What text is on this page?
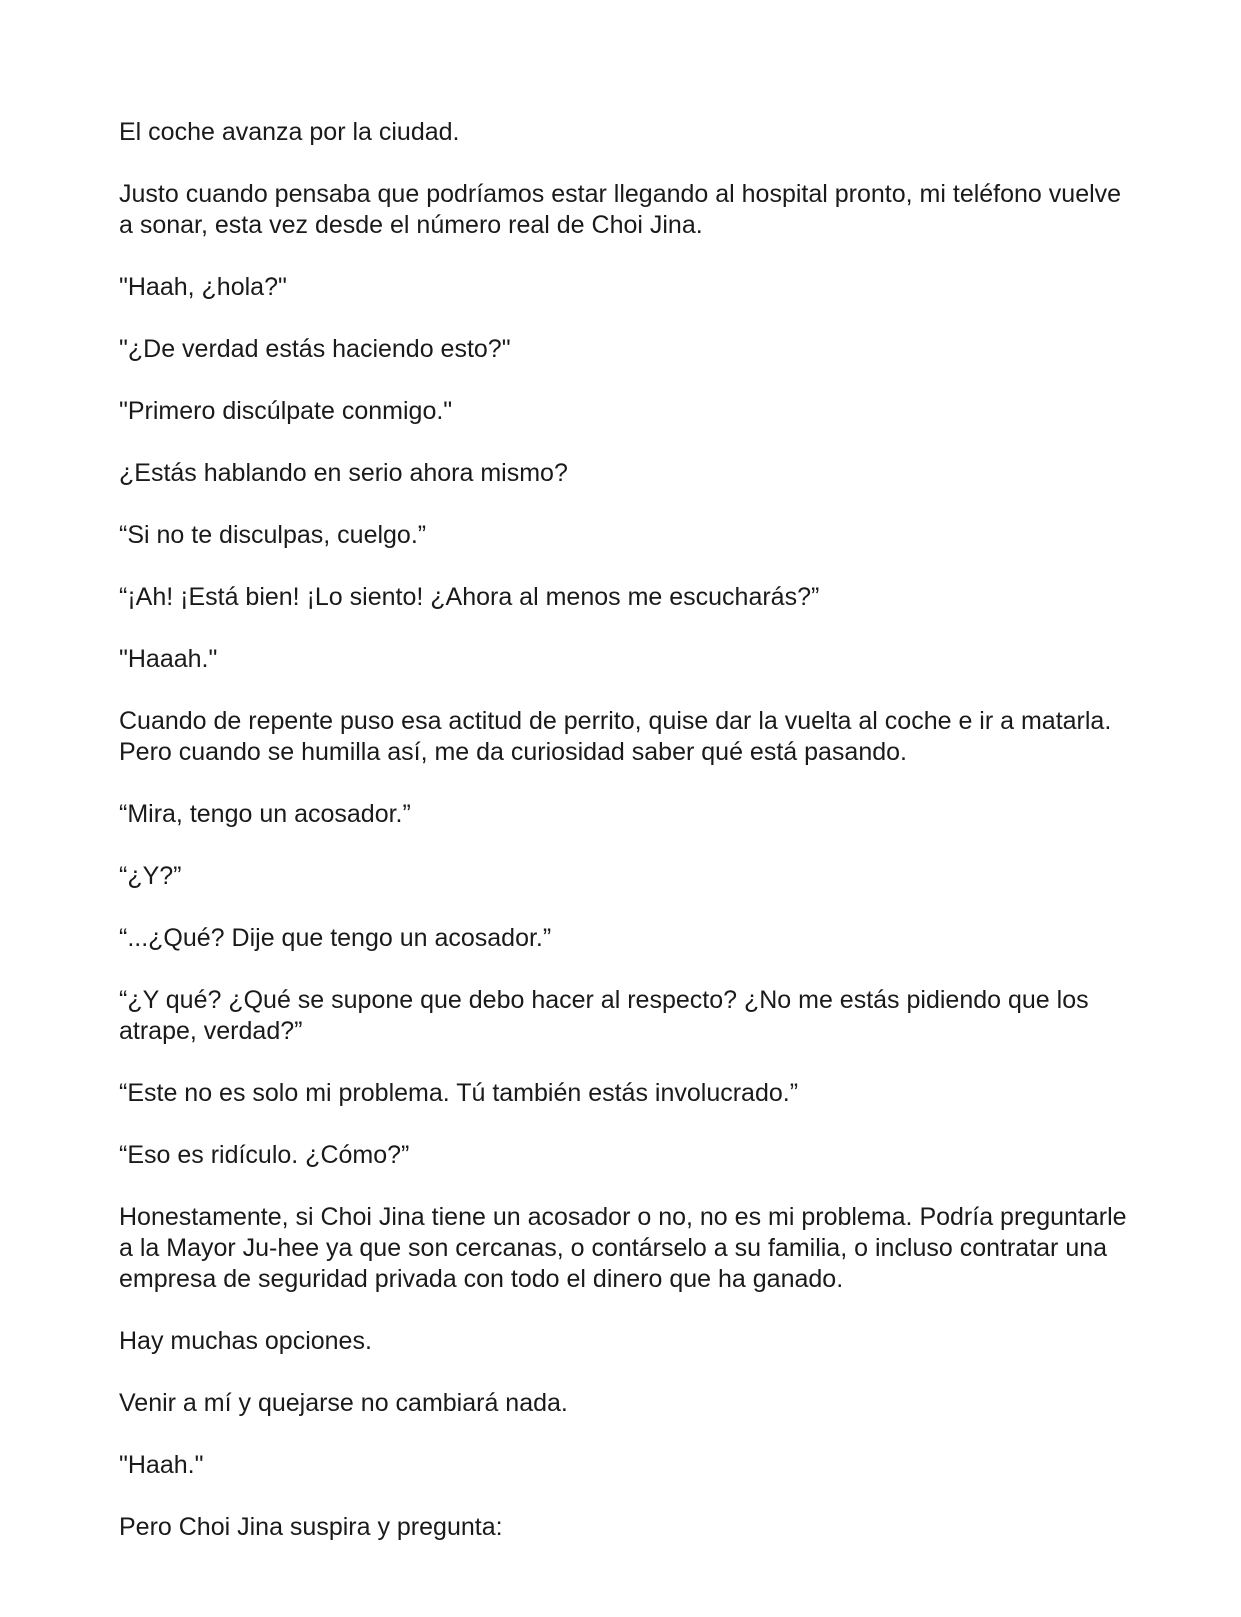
El coche avanza por la ciudad.

Justo cuando pensaba que podríamos estar llegando al hospital pronto, mi teléfono vuelve a sonar, esta vez desde el número real de Choi Jina.

"Haah, ¿hola?"

"¿De verdad estás haciendo esto?"

"Primero discúlpate conmigo."

¿Estás hablando en serio ahora mismo?

“Si no te disculpas, cuelgo.”

“¡Ah! ¡Está bien! ¡Lo siento! ¿Ahora al menos me escucharás?”

"Haaah."

Cuando de repente puso esa actitud de perrito, quise dar la vuelta al coche e ir a matarla. Pero cuando se humilla así, me da curiosidad saber qué está pasando.

“Mira, tengo un acosador.”

“¿Y?”

“...¿Qué? Dije que tengo un acosador.”

“¿Y qué? ¿Qué se supone que debo hacer al respecto? ¿No me estás pidiendo que los atrape, verdad?”

“Este no es solo mi problema. Tú también estás involucrado.”

“Eso es ridículo. ¿Cómo?”

Honestamente, si Choi Jina tiene un acosador o no, no es mi problema. Podría preguntarle a la Mayor Ju-hee ya que son cercanas, o contárselo a su familia, o incluso contratar una empresa de seguridad privada con todo el dinero que ha ganado.

Hay muchas opciones.

Venir a mí y quejarse no cambiará nada.

"Haah."

Pero Choi Jina suspira y pregunta:
